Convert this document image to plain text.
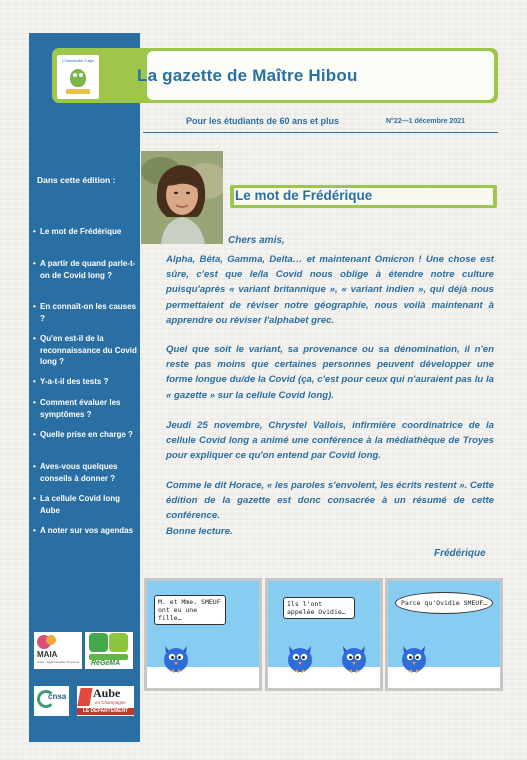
Dans cette édition :
• Le mot de Frédérique
• A partir de quand parle-t-on de Covid long ?
• En connaît-on les causes ?
• Qu'en est-il de la reconnaissance du Covid long ?
• Y-a-t-il des tests ?
• Comment évaluer les symptômes ?
• Quelle prise en charge ?
• Aves-vous quelques conseils à donner ?
• La cellule Covid long Aube
• A noter sur vos agendas
MAIA
Aube - Agglomération Troyenne RéGéMA
cnsa Aube
en Champagne
LE DÉPARTEMENT
L'Université Z'age
La gazette de Maître Hibou
Pour les étudiants de 60 ans et plus	N°22—1 décembre 2021
Le mot de Frédérique
Chers amis,

Alpha, Bêta, Gamma, Delta… et maintenant Omicron ! Une chose est sûre, c'est que le/la Covid nous oblige à étendre notre culture puisqu'après « variant britannique », « variant indien », qui déjà nous permettaient de réviser notre géographie, nous voilà maintenant à apprendre ou réviser l'alphabet grec.

Quel que soit le variant, sa provenance ou sa dénomination, il n'en reste pas moins que certaines personnes peuvent développer une forme longue du/de la Covid (ça, c'est pour ceux qui n'auraient pas lu la « gazette » sur la cellule Covid long).

Jeudi 25 novembre, Chrystel Vallois, infirmière coordinatrice de la cellule Covid long a animé une conférence à la médiathèque de Troyes pour expliquer ce qu'on entend par Covid long.

Comme le dit Horace, « les paroles s'envolent, les écrits restent ». Cette édition de la gazette est donc consacrée à un résumé de cette conférence.

Bonne lecture.

Frédérique
M. et Mme. SMEUF ont eu une fille…
Ils l'ont appelée Ovidie…
Parce qu'Ovidie SMEUF…
